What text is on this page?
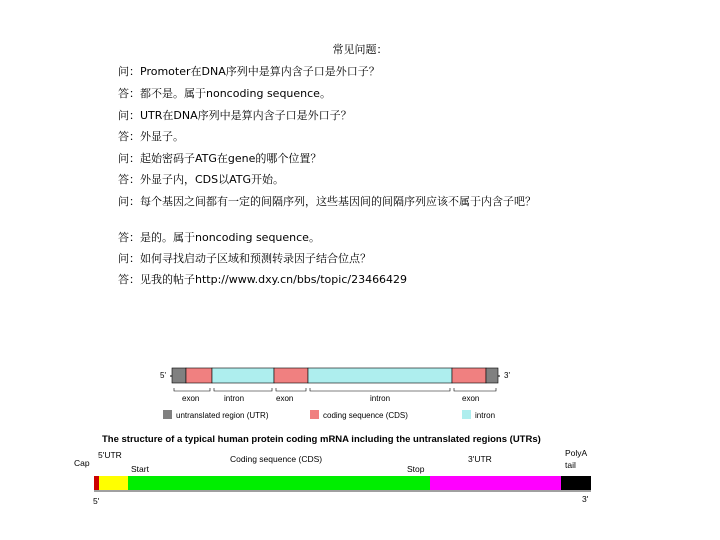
常见问题：
问：Promoter在DNA序列中是算内含子口是外口子？
答：都不是。属于noncoding sequence。
问：UTR在DNA序列中是算内含子口是外口子？
答：外显子。
问：起始密码子ATG在gene的哪个位置？
答：外显子内，CDS以ATG开始。
问：每个基因之间都有一定的间隔序列，这些基因间的间隔序列应该不属于内含子吧？
答：是的。属于noncoding sequence。
问：如何寻找启动子区域和预测转录因子结合位点？
答：见我的帖子http://www.dxy.cn/bbs/topic/23466429
5'	3'
exon	intron	exon	intron	exon
untranslated region (UTR)	coding sequence (CDS)	intron
The structure of a typical human protein coding mRNA including the untranslated regions (UTRs)
Cap
5'UTR
Start
Coding sequence (CDS)
Stop
3'UTR
PolyA
tail
5'	3'
